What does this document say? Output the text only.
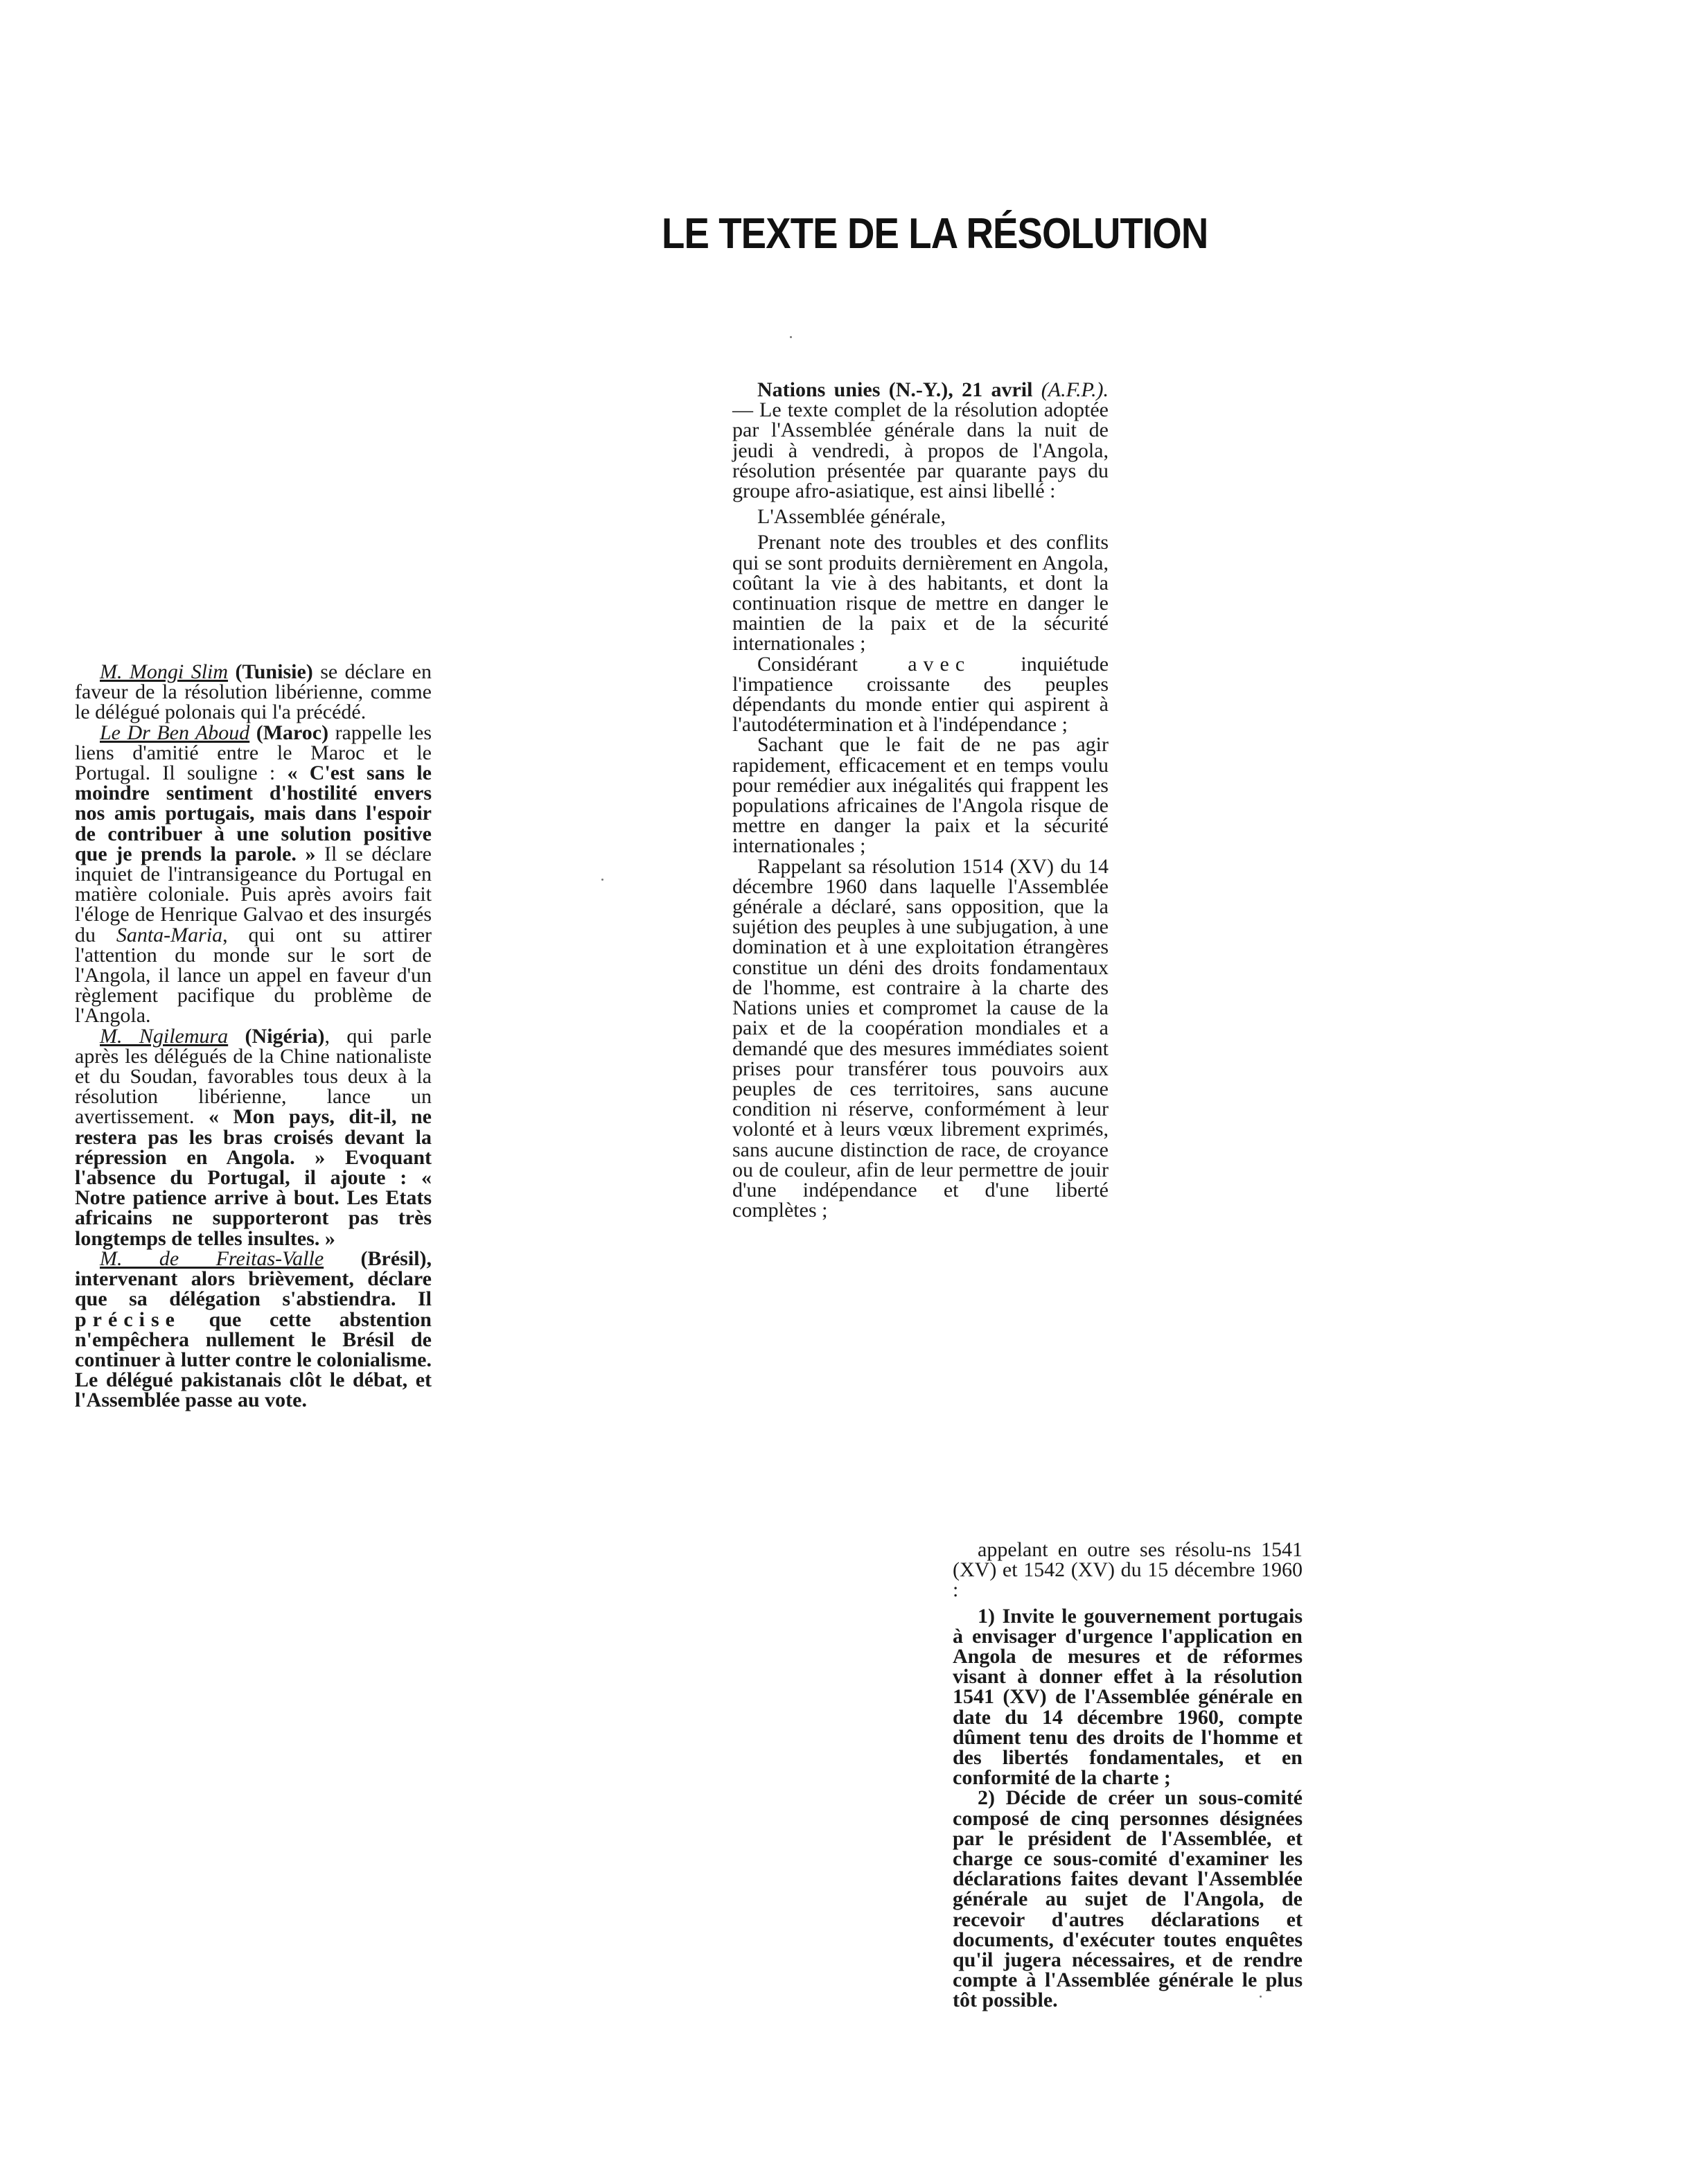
LE TEXTE DE LA RÉSOLUTION

M. Mongi Slim (Tunisie) se déclare en faveur de la résolution libérienne, comme le délégué polonais qui l'a précédé.

Le Dr Ben Aboud (Maroc) rappelle les liens d'amitié entre le Maroc et le Portugal. Il souligne : « C'est sans le moindre sentiment d'hostilité envers nos amis portugais, mais dans l'espoir de contribuer à une solution positive que je prends la parole. » Il se déclare inquiet de l'intransigeance du Portugal en matière coloniale. Puis après avoirs fait l'éloge de Henrique Galvao et des insurgés du Santa-Maria, qui ont su attirer l'attention du monde sur le sort de l'Angola, il lance un appel en faveur d'un règlement pacifique du problème de l'Angola.

M. Ngilemura (Nigéria), qui parle après les délégués de la Chine nationaliste et du Soudan, favorables tous deux à la résolution libérienne, lance un avertissement. « Mon pays, dit-il, ne restera pas les bras croisés devant la répression en Angola. » Evoquant l'absence du Portugal, il ajoute : « Notre patience arrive à bout. Les Etats africains ne supporteront pas très longtemps de telles insultes. »

M. de Freitas-Valle (Brésil), intervenant alors brièvement, déclare que sa délégation s'abstiendra. Il précise que cette abstention n'empêchera nullement le Brésil de continuer à lutter contre le colonialisme. Le délégué pakistanais clôt le débat, et l'Assemblée passe au vote.

Nations unies (N.-Y.), 21 avril (A.F.P.). — Le texte complet de la résolution adoptée par l'Assemblée générale dans la nuit de jeudi à vendredi, à propos de l'Angola, résolution présentée par quarante pays du groupe afro-asiatique, est ainsi libellé :

L'Assemblée générale,

Prenant note des troubles et des conflits qui se sont produits dernièrement en Angola, coûtant la vie à des habitants, et dont la continuation risque de mettre en danger le maintien de la paix et de la sécurité internationales ;

Considérant avec inquiétude l'impatience croissante des peuples dépendants du monde entier qui aspirent à l'autodétermination et à l'indépendance ;

Sachant que le fait de ne pas agir rapidement, efficacement et en temps voulu pour remédier aux inégalités qui frappent les populations africaines de l'Angola risque de mettre en danger la paix et la sécurité internationales ;

Rappelant sa résolution 1514 (XV) du 14 décembre 1960 dans laquelle l'Assemblée générale a déclaré, sans opposition, que la sujétion des peuples à une subjugation, à une domination et à une exploitation étrangères constitue un déni des droits fondamentaux de l'homme, est contraire à la charte des Nations unies et compromet la cause de la paix et de la coopération mondiales et a demandé que des mesures immédiates soient prises pour transférer tous pouvoirs aux peuples de ces territoires, sans aucune condition ni réserve, conformément à leur volonté et à leurs vœux librement exprimés, sans aucune distinction de race, de croyance ou de couleur, afin de leur permettre de jouir d'une indépendance et d'une liberté complètes ;

appelant en outre ses résolu-ns 1541 (XV) et 1542 (XV) du 15 décembre 1960 :

1) Invite le gouvernement portugais à envisager d'urgence l'application en Angola de mesures et de réformes visant à donner effet à la résolution 1541 (XV) de l'Assemblée générale en date du 14 décembre 1960, compte dûment tenu des droits de l'homme et des libertés fondamentales, et en conformité de la charte ;

2) Décide de créer un sous-comité composé de cinq personnes désignées par le président de l'Assemblée, et charge ce sous-comité d'examiner les déclarations faites devant l'Assemblée générale au sujet de l'Angola, de recevoir d'autres déclarations et documents, d'exécuter toutes enquêtes qu'il jugera nécessaires, et de rendre compte à l'Assemblée générale le plus tôt possible.
